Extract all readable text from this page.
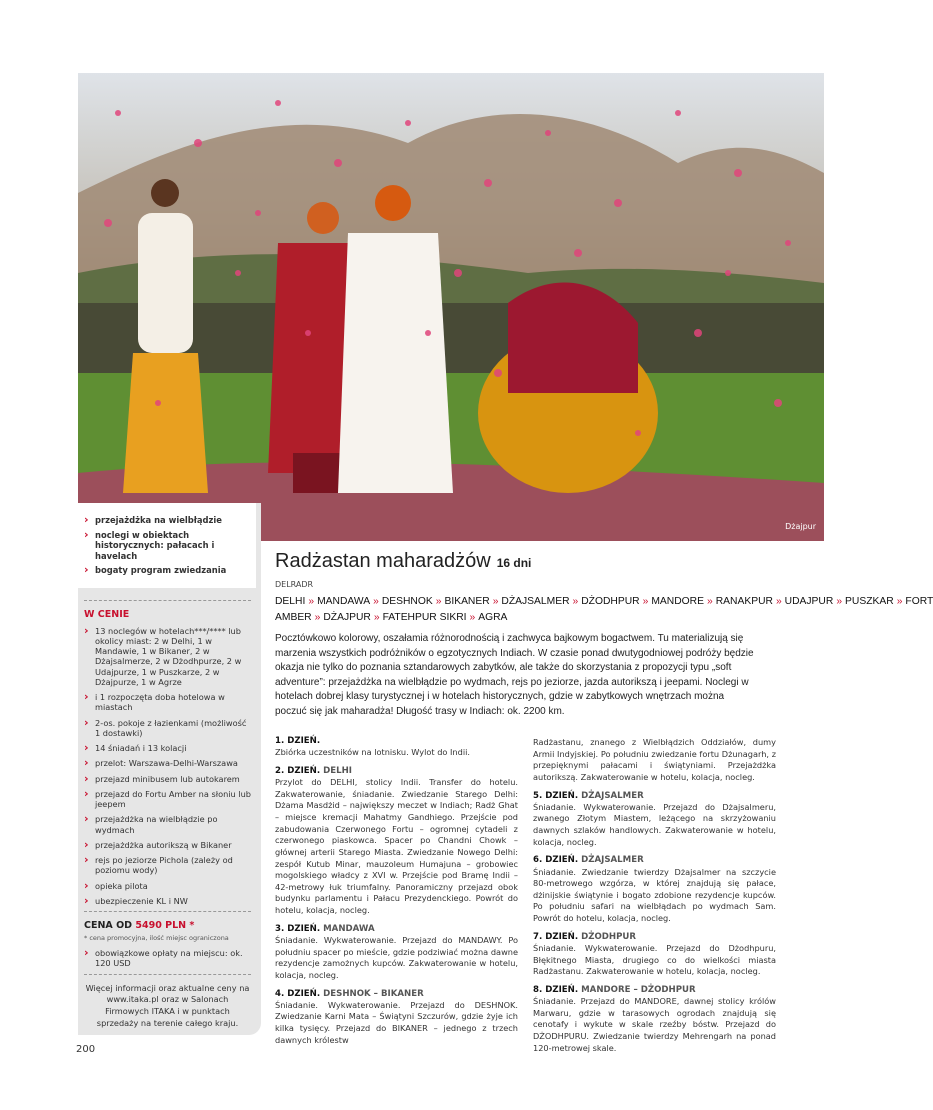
Dżajpur
› przejażdżka na wielbłądzie
› noclegi w obiektach historycznych: pałacach i havelach
› bogaty program zwiedzania
W CENIE
› 13 noclegów w hotelach***/**** lub okolicy miast: 2 w Delhi, 1 w Mandawie, 1 w Bikaner, 2 w Dżajsalmerze, 2 w Dżodhpurze, 2 w Udajpurze, 1 w Puszkarze, 2 w Dżajpurze, 1 w Agrze
› i 1 rozpoczęta doba hotelowa w miastach
› 2-os. pokoje z łazienkami (możliwość 1 dostawki)
› 14 śniadań i 13 kolacji
› przelot: Warszawa-Delhi-Warszawa
› przejazd minibusem lub autokarem
› przejazd do Fortu Amber na słoniu lub jeepem
› przejażdżka na wielbłądzie po wydmach
› przejażdżka autorikszą w Bikaner
› rejs po jeziorze Pichola (zależy od poziomu wody)
› opieka pilota
› ubezpieczenie KL i NW
CENA OD 5490 PLN *
* cena promocyjna, ilość miejsc ograniczona
› obowiązkowe opłaty na miejscu: ok. 120 USD
Więcej informacji oraz aktualne ceny na www.itaka.pl oraz w Salonach Firmowych ITAKA i w punktach sprzedaży na terenie całego kraju.
Radżastan maharadżów 16 dni
DELRADR
DELHI » MANDAWA » DESHNOK » BIKANER » DŻAJSALMER » DŻODHPUR » MANDORE » RANAKPUR » UDAJPUR » PUSZKAR » FORT AMBER » DŻAJPUR » FATEHPUR SIKRI » AGRA
Pocztówkowo kolorowy, oszałamia różnorodnością i zachwyca bajkowym bogactwem. Tu materializują się marzenia wszystkich podróżników o egzotycznych Indiach. W czasie ponad dwutygodniowej podróży będzie okazja nie tylko do poznania sztandarowych zabytków, ale także do skorzystania z propozycji typu „soft adventure”: przejażdżka na wielbłądzie po wydmach, rejs po jeziorze, jazda autorikszą i jeepami. Noclegi w hotelach dobrej klasy turystycznej i w hotelach historycznych, gdzie w zabytkowych wnętrzach można poczuć się jak maharadża! Długość trasy w Indiach: ok. 2200 km.
1. DZIEŃ.
Zbiórka uczestników na lotnisku. Wylot do Indii.
2. DZIEŃ. DELHI
Przylot do DELHI, stolicy Indii. Transfer do hotelu. Zakwaterowanie, śniadanie. Zwiedzanie Starego Delhi: Dżama Masdżid – największy meczet w Indiach; Radż Ghat – miejsce kremacji Mahatmy Gandhiego. Przejście pod zabudowania Czerwonego Fortu – ogromnej cytadeli z czerwonego piaskowca. Spacer po Chandni Chowk – głównej arterii Starego Miasta. Zwiedzanie Nowego Delhi: zespół Kutub Minar, mauzoleum Humajuna – grobowiec mogolskiego władcy z XVI w. Przejście pod Bramę Indii – 42-metrowy łuk triumfalny. Panoramiczny przejazd obok budynku parlamentu i Pałacu Prezydenckiego. Powrót do hotelu, kolacja, nocleg.
3. DZIEŃ. MANDAWA
Śniadanie. Wykwaterowanie. Przejazd do MANDAWY. Po południu spacer po mieście, gdzie podziwiać można dawne rezydencje zamożnych kupców. Zakwaterowanie w hotelu, kolacja, nocleg.
4. DZIEŃ. DESHNOK – BIKANER
Śniadanie. Wykwaterowanie. Przejazd do DESHNOK. Zwiedzanie Karni Mata – Świątyni Szczurów, gdzie żyje ich kilka tysięcy. Przejazd do BIKANER – jednego z trzech dawnych królestw
Radżastanu, znanego z Wielbłądzich Oddziałów, dumy Armii Indyjskiej. Po południu zwiedzanie fortu Dżunagarh, z przepięknymi pałacami i świątyniami. Przejażdżka autorikszą. Zakwaterowanie w hotelu, kolacja, nocleg.
5. DZIEŃ. DŻAJSALMER
Śniadanie. Wykwaterowanie. Przejazd do Dżajsalmeru, zwanego Złotym Miastem, leżącego na skrzyżowaniu dawnych szlaków handlowych. Zakwaterowanie w hotelu, kolacja, nocleg.
6. DZIEŃ. DŻAJSALMER
Śniadanie. Zwiedzanie twierdzy Dżajsalmer na szczycie 80-metrowego wzgórza, w której znajdują się pałace, dżinijskie świątynie i bogato zdobione rezydencje kupców. Po południu safari na wielbłądach po wydmach Sam. Powrót do hotelu, kolacja, nocleg.
7. DZIEŃ. DŻODHPUR
Śniadanie. Wykwaterowanie. Przejazd do Dżodhpuru, Błękitnego Miasta, drugiego co do wielkości miasta Radżastanu. Zakwaterowanie w hotelu, kolacja, nocleg.
8. DZIEŃ. MANDORE – DŻODHPUR
Śniadanie. Przejazd do MANDORE, dawnej stolicy królów Marwaru, gdzie w tarasowych ogrodach znajdują się cenotafy i wykute w skale rzeźby bóstw. Przejazd do DŻODHPURU. Zwiedzanie twierdzy Mehrengarh na ponad 120-metrowej skale.
200
